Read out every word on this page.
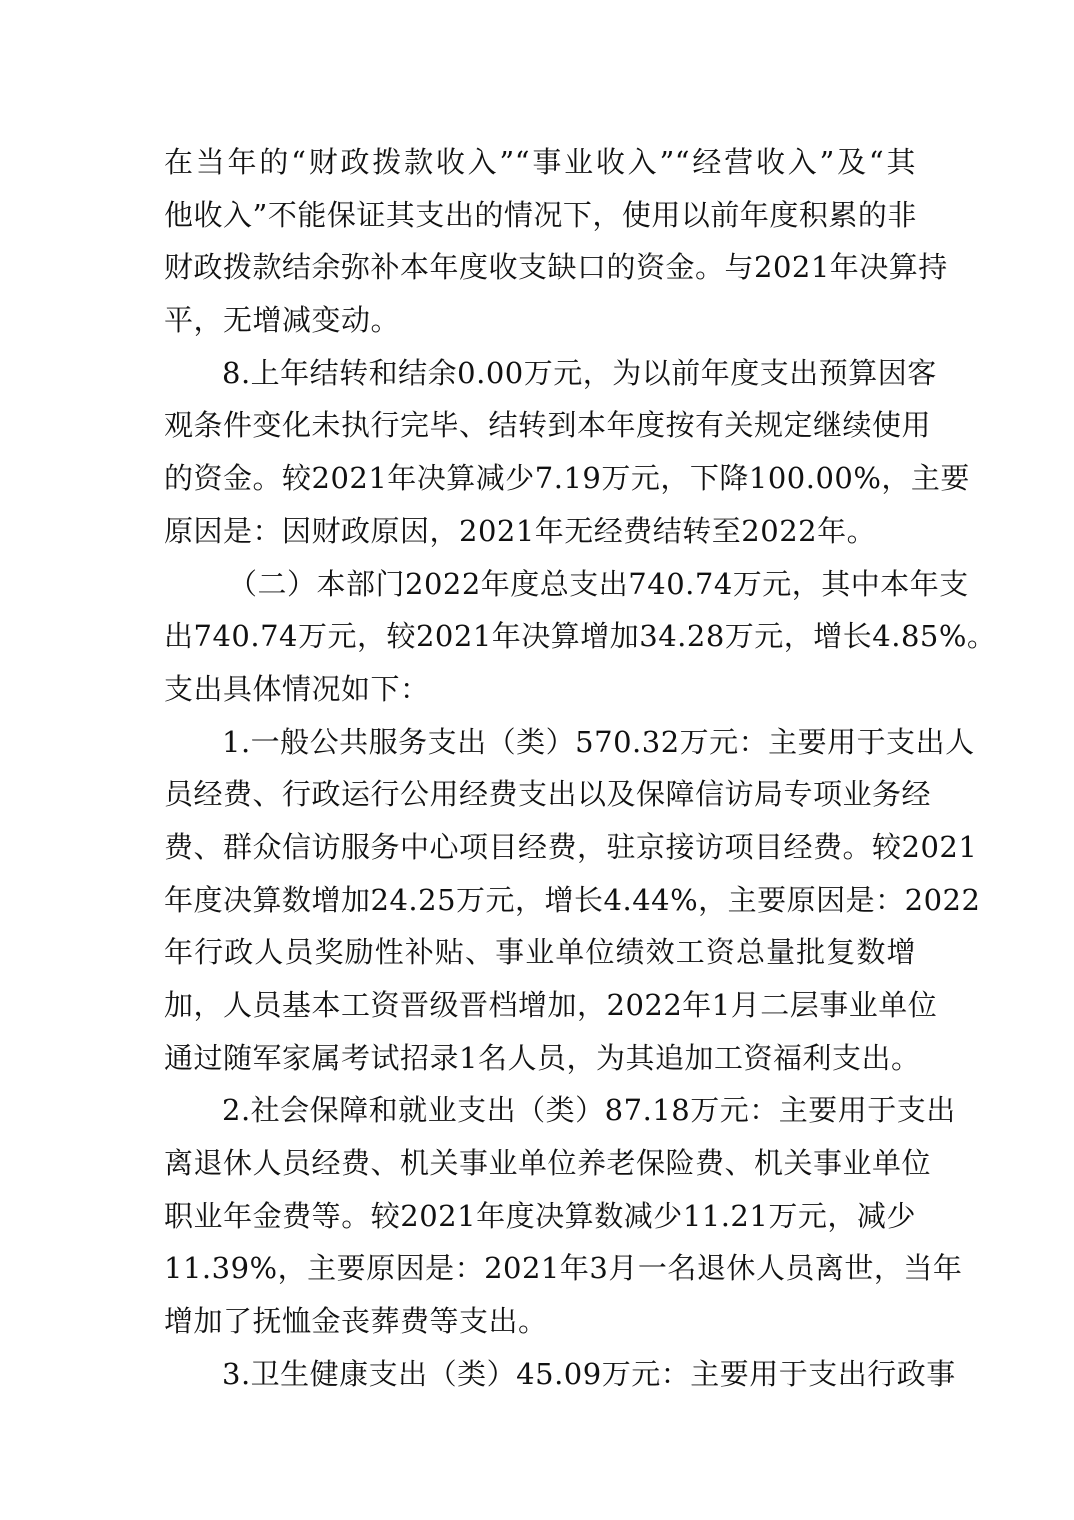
在当年的“财政拨款收入”“事业收入”“经营收入”及“其
他收入”不能保证其支出的情况下，使用以前年度积累的非
财政拨款结余弥补本年度收支缺口的资金。与2021年决算持
平，无增减变动。
8.上年结转和结余0.00万元，为以前年度支出预算因客
观条件变化未执行完毕、结转到本年度按有关规定继续使用
的资金。较2021年决算减少7.19万元，下降100.00%，主要
原因是：因财政原因，2021年无经费结转至2022年。
（二）本部门2022年度总支出740.74万元，其中本年支
出740.74万元，较2021年决算增加34.28万元，增长4.85%。
支出具体情况如下：
1.一般公共服务支出（类）570.32万元：主要用于支出人
员经费、行政运行公用经费支出以及保障信访局专项业务经
费、群众信访服务中心项目经费，驻京接访项目经费。较2021
年度决算数增加24.25万元，增长4.44%，主要原因是：2022
年行政人员奖励性补贴、事业单位绩效工资总量批复数增
加，人员基本工资晋级晋档增加，2022年1月二层事业单位
通过随军家属考试招录1名人员，为其追加工资福利支出。
2.社会保障和就业支出（类）87.18万元：主要用于支出
离退休人员经费、机关事业单位养老保险费、机关事业单位
职业年金费等。较2021年度决算数减少11.21万元，减少
11.39%，主要原因是：2021年3月一名退休人员离世，当年
增加了抚恤金丧葬费等支出。
3.卫生健康支出（类）45.09万元：主要用于支出行政事
